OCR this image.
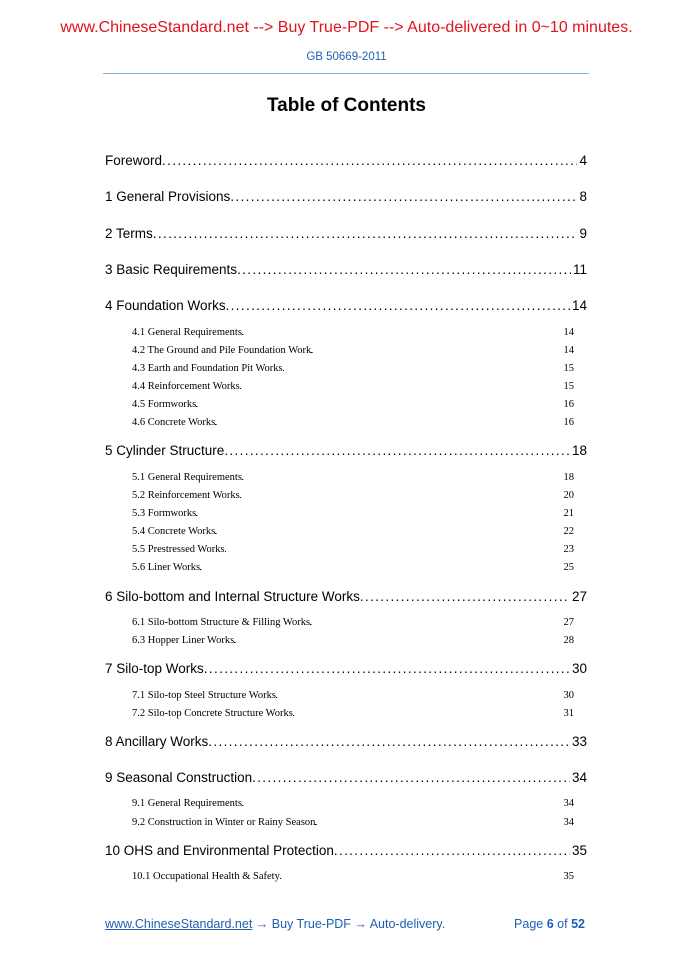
www.ChineseStandard.net --> Buy True-PDF --> Auto-delivered in 0~10 minutes.
GB 50669-2011
Table of Contents
Foreword . . .	4
1 General Provisions . . .	8
2 Terms . . .	9
3 Basic Requirements . . .	11
4 Foundation Works . . .	14
4.1 General Requirements . . .	14
4.2 The Ground and Pile Foundation Work . . .	14
4.3 Earth and Foundation Pit Works . . .	15
4.4 Reinforcement Works . . .	15
4.5 Formworks . . .	16
4.6 Concrete Works . . .	16
5 Cylinder Structure . . .	18
5.1 General Requirements . . .	18
5.2 Reinforcement Works . . .	20
5.3 Formworks . . .	21
5.4 Concrete Works . . .	22
5.5 Prestressed Works . . .	23
5.6 Liner Works . . .	25
6 Silo-bottom and Internal Structure Works . . .	27
6.1 Silo-bottom Structure & Filling Works . . .	27
6.3 Hopper Liner Works . . .	28
7 Silo-top Works . . .	30
7.1 Silo-top Steel Structure Works . . .	30
7.2 Silo-top Concrete Structure Works . . .	31
8 Ancillary Works . . .	33
9 Seasonal Construction . . .	34
9.1 General Requirements . . .	34
9.2 Construction in Winter or Rainy Season . . .	34
10 OHS and Environmental Protection . . .	35
10.1 Occupational Health & Safety . . .	35
www.ChineseStandard.net → Buy True-PDF → Auto-delivery.	Page 6 of 52
